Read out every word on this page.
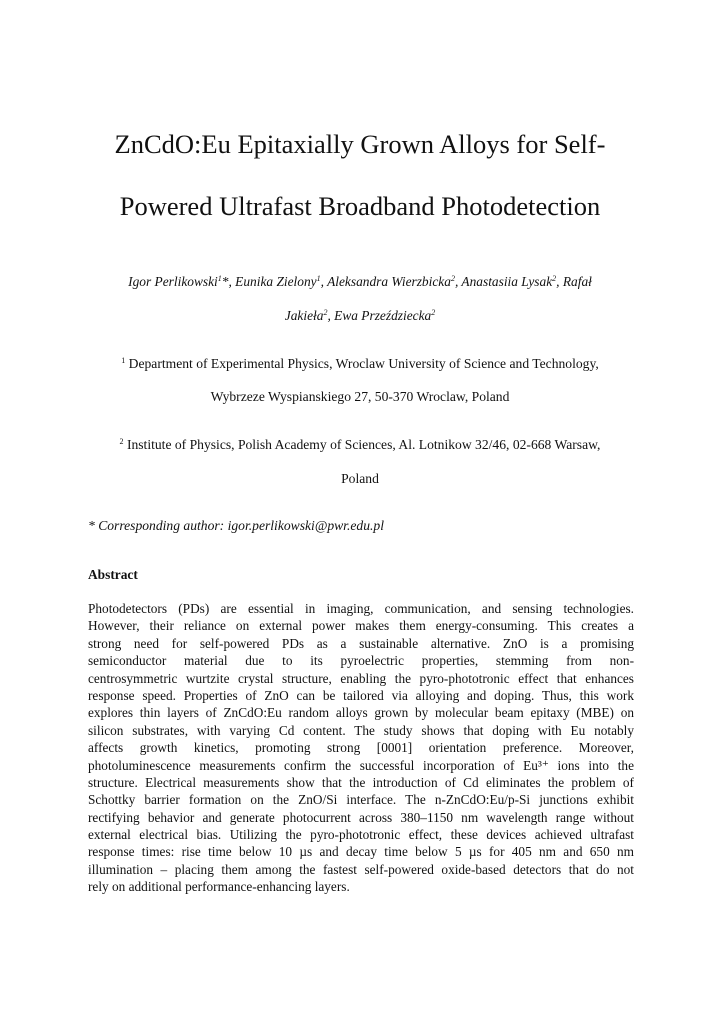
ZnCdO:Eu Epitaxially Grown Alloys for Self-
Powered Ultrafast Broadband Photodetection
Igor Perlikowski$^1$*, Eunika Zielony$^1$, Aleksandra Wierzbicka$^2$, Anastasiia Lysak$^2$, Rafał
Jakieła$^2$, Ewa Przeździecka$^2$
$^1$ Department of Experimental Physics, Wroclaw University of Science and Technology,
Wybrzeze Wyspianskiego 27, 50-370 Wroclaw, Poland
$^2$ Institute of Physics, Polish Academy of Sciences, Al. Lotnikow 32/46, 02-668 Warsaw,
Poland
* Corresponding author: igor.perlikowski@pwr.edu.pl
Abstract
Photodetectors (PDs) are essential in imaging, communication, and sensing technologies.
However, their reliance on external power makes them energy-consuming. This creates a
strong need for self-powered PDs as a sustainable alternative. ZnO is a promising
semiconductor material due to its pyroelectric properties, stemming from non-
centrosymmetric wurtzite crystal structure, enabling the pyro-phototronic effect that enhances
response speed. Properties of ZnO can be tailored via alloying and doping. Thus, this work
explores thin layers of ZnCdO:Eu random alloys grown by molecular beam epitaxy (MBE) on
silicon substrates, with varying Cd content. The study shows that doping with Eu notably
affects growth kinetics, promoting strong [0001] orientation preference. Moreover,
photoluminescence measurements confirm the successful incorporation of Eu³⁺ ions into the
structure. Electrical measurements show that the introduction of Cd eliminates the problem of
Schottky barrier formation on the ZnO/Si interface. The n-ZnCdO:Eu/p-Si junctions exhibit
rectifying behavior and generate photocurrent across 380–1150 nm wavelength range without
external electrical bias. Utilizing the pyro-phototronic effect, these devices achieved ultrafast
response times: rise time below 10 µs and decay time below 5 µs for 405 nm and 650 nm
illumination – placing them among the fastest self-powered oxide-based detectors that do not
rely on additional performance-enhancing layers.
